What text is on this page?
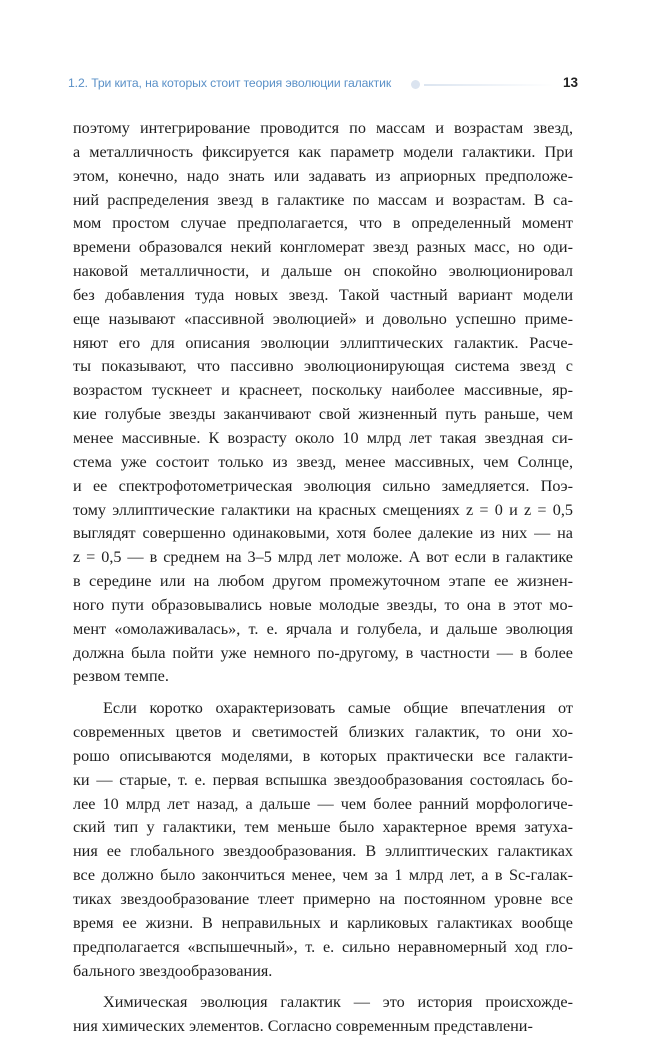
1.2. Три кита, на которых стоит теория эволюции галактик	13
поэтому интегрирование проводится по массам и возрастам звезд,
а металличность фиксируется как параметр модели галактики. При
этом, конечно, надо знать или задавать из априорных предположе-
ний распределения звезд в галактике по массам и возрастам. В са-
мом простом случае предполагается, что в определенный момент
времени образовался некий конгломерат звезд разных масс, но оди-
наковой металличности, и дальше он спокойно эволюционировал
без добавления туда новых звезд. Такой частный вариант модели
еще называют «пассивной эволюцией» и довольно успешно приме-
няют его для описания эволюции эллиптических галактик. Расче-
ты показывают, что пассивно эволюционирующая система звезд с
возрастом тускнеет и краснеет, поскольку наиболее массивные, яр-
кие голубые звезды заканчивают свой жизненный путь раньше, чем
менее массивные. К возрасту около 10 млрд лет такая звездная си-
стема уже состоит только из звезд, менее массивных, чем Солнце,
и ее спектрофотометрическая эволюция сильно замедляется. Поэ-
тому эллиптические галактики на красных смещениях z = 0 и z = 0,5
выглядят совершенно одинаковыми, хотя более далекие из них — на
z = 0,5 — в среднем на 3–5 млрд лет моложе. А вот если в галактике
в середине или на любом другом промежуточном этапе ее жизнен-
ного пути образовывались новые молодые звезды, то она в этот мо-
мент «омолаживалась», т. е. ярчала и голубела, и дальше эволюция
должна была пойти уже немного по-другому, в частности — в более
резвом темпе.
Если коротко охарактеризовать самые общие впечатления от
современных цветов и светимостей близких галактик, то они хо-
рошо описываются моделями, в которых практически все галакти-
ки — старые, т. е. первая вспышка звездообразования состоялась бо-
лее 10 млрд лет назад, а дальше — чем более ранний морфологиче-
ский тип у галактики, тем меньше было характерное время затуха-
ния ее глобального звездообразования. В эллиптических галактиках
все должно было закончиться менее, чем за 1 млрд лет, а в Sc-галак-
тиках звездообразование тлеет примерно на постоянном уровне все
время ее жизни. В неправильных и карликовых галактиках вообще
предполагается «вспышечный», т. е. сильно неравномерный ход гло-
бального звездообразования.
Химическая эволюция галактик — это история происхожде-
ния химических элементов. Согласно современным представлени-
